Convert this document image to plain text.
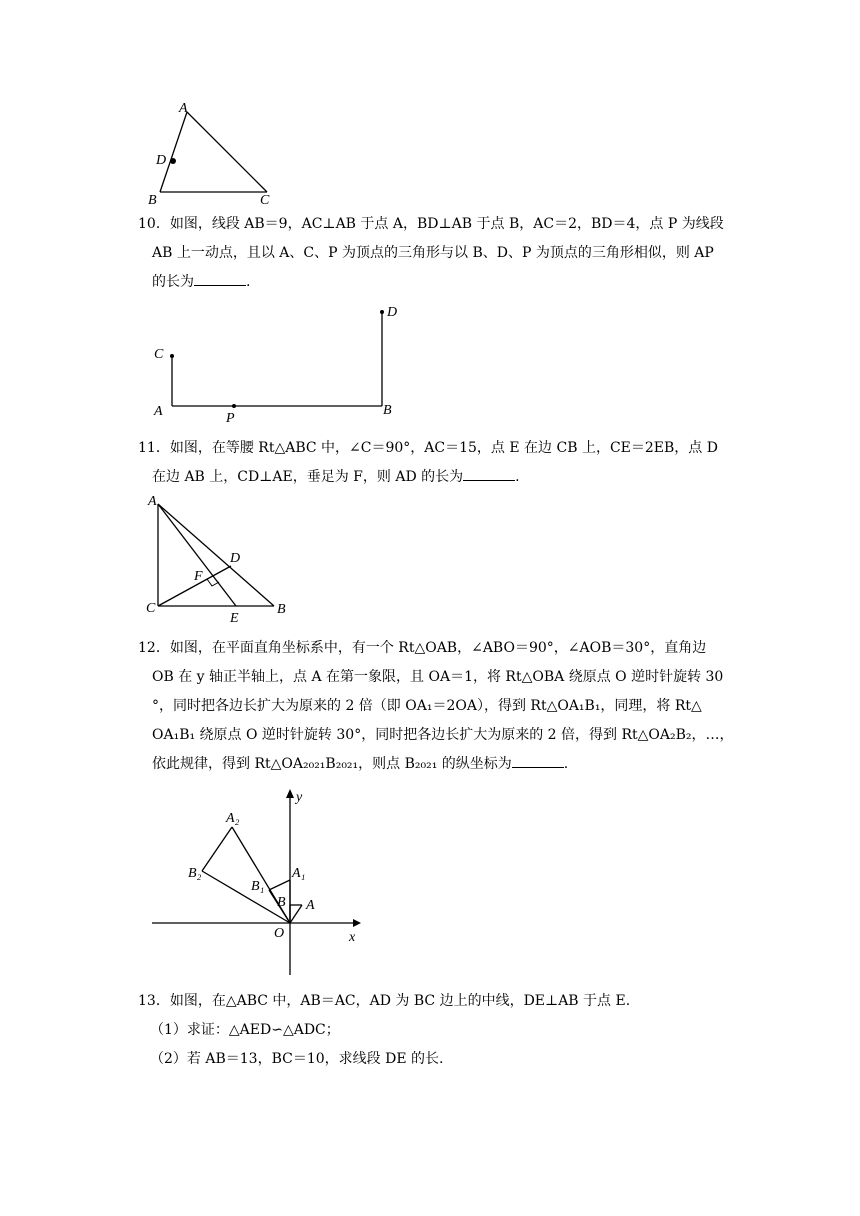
A
D
B	C
10．如图，线段 AB＝9，AC⊥AB 于点 A，BD⊥AB 于点 B，AC＝2，BD＝4，点 P 为线段
AB 上一动点，且以 A、C、P 为顶点的三角形与以 B、D、P 为顶点的三角形相似，则 AP
的长为	.
C
A	P
B
D
11．如图，在等腰 Rt△ABC 中，∠C＝90°，AC＝15，点 E 在边 CB 上，CE＝2EB，点 D
在边 AB 上，CD⊥AE，垂足为 F，则 AD 的长为	.
A
D
F
C
E
B
12．如图，在平面直角坐标系中，有一个 Rt△OAB，∠ABO＝90°，∠AOB＝30°，直角边
OB 在 y 轴正半轴上，点 A 在第一象限，且 OA＝1，将 Rt△OBA 绕原点 O 逆时针旋转 30
°，同时把各边长扩大为原来的 2 倍（即 OA₁＝2OA），得到 Rt△OA₁B₁，同理，将 Rt△
OA₁B₁ 绕原点 O 逆时针旋转 30°，同时把各边长扩大为原来的 2 倍，得到 Rt△OA₂B₂，…，
依此规律，得到 Rt△OA₂₀₂₁B₂₀₂₁，则点 B₂₀₂₁ 的纵坐标为	.
y
x
O
A
B
A₁
B₁
A₂
B₂
13．如图，在△ABC 中，AB＝AC，AD 为 BC 边上的中线，DE⊥AB 于点 E.
（1）求证：△AED∽△ADC；
（2）若 AB＝13，BC＝10，求线段 DE 的长.
